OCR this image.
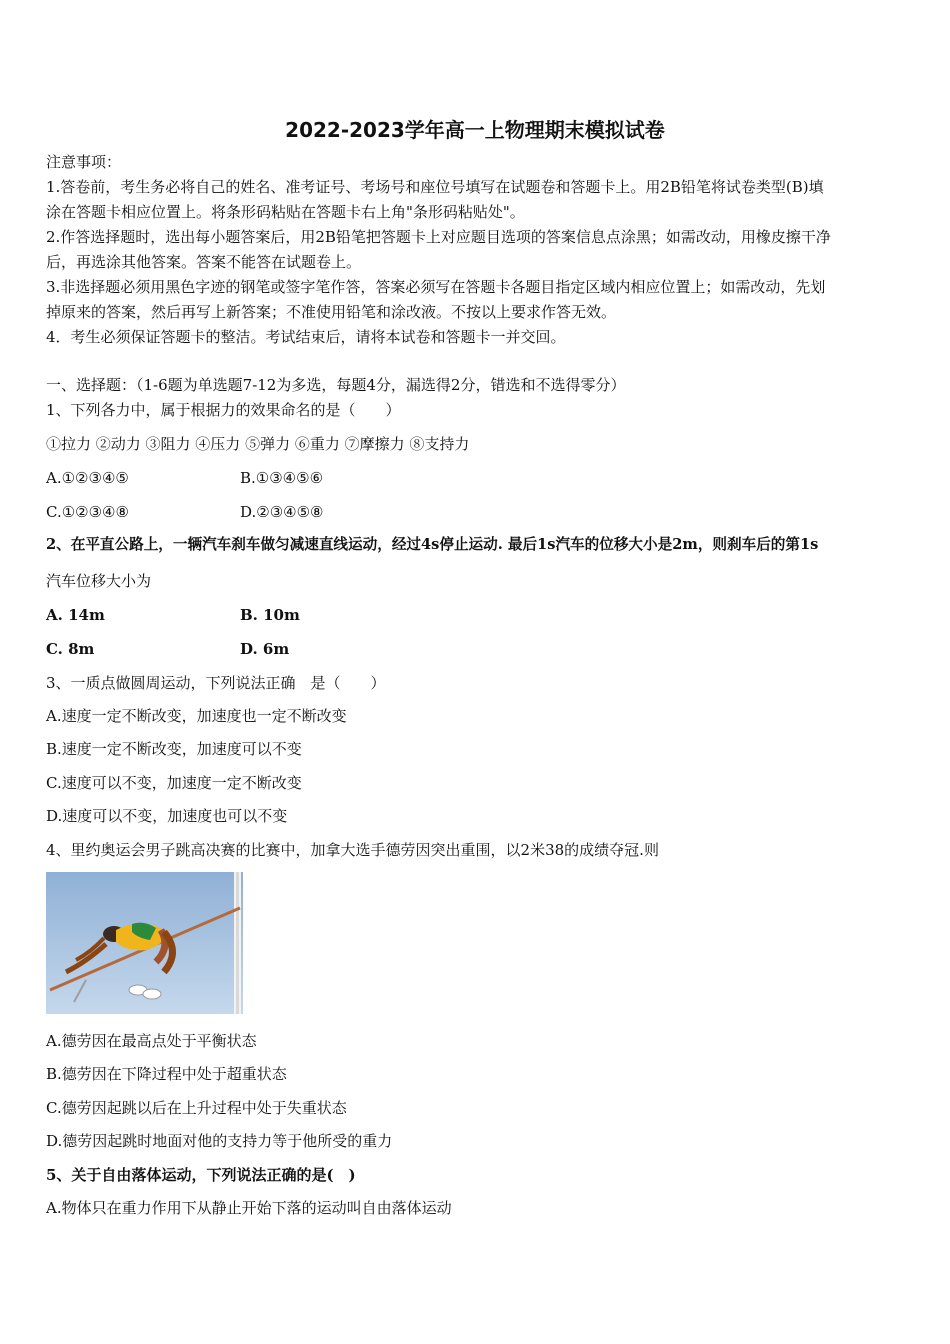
2022-2023学年高一上物理期末模拟试卷
注意事项：
1.答卷前，考生务必将自己的姓名、准考证号、考场号和座位号填写在试题卷和答题卡上。用2B铅笔将试卷类型(B)填
涂在答题卡相应位置上。将条形码粘贴在答题卡右上角"条形码粘贴处"。
2.作答选择题时，选出每小题答案后，用2B铅笔把答题卡上对应题目选项的答案信息点涂黑；如需改动，用橡皮擦干净
后，再选涂其他答案。答案不能答在试题卷上。
3.非选择题必须用黑色字迹的钢笔或签字笔作答，答案必须写在答题卡各题目指定区域内相应位置上；如需改动，先划
掉原来的答案，然后再写上新答案；不准使用铅笔和涂改液。不按以上要求作答无效。
4．考生必须保证答题卡的整洁。考试结束后，请将本试卷和答题卡一并交回。
一、选择题：（1-6题为单选题7-12为多选，每题4分，漏选得2分，错选和不选得零分）
1、下列各力中，属于根据力的效果命名的是（　　）
①拉力 ②动力 ③阻力 ④压力 ⑤弹力 ⑥重力 ⑦摩擦力 ⑧支持力
A.①②③④⑤	B.①③④⑤⑥
C.①②③④⑧	D.②③④⑤⑧
2、在平直公路上，一辆汽车刹车做匀减速直线运动，经过4s停止运动. 最后1s汽车的位移大小是2m，则刹车后的第1s
汽车位移大小为
A. 14m	B. 10m
C. 8m	D. 6m
3、一质点做圆周运动，下列说法正确　是（　　）
A.速度一定不断改变，加速度也一定不断改变
B.速度一定不断改变，加速度可以不变
C.速度可以不变，加速度一定不断改变
D.速度可以不变，加速度也可以不变
4、里约奥运会男子跳高决赛的比赛中，加拿大选手德劳因突出重围，以2米38的成绩夺冠.则
A.德劳因在最高点处于平衡状态
B.德劳因在下降过程中处于超重状态
C.德劳因起跳以后在上升过程中处于失重状态
D.德劳因起跳时地面对他的支持力等于他所受的重力
5、关于自由落体运动，下列说法正确的是(　)
A.物体只在重力作用下从静止开始下落的运动叫自由落体运动
